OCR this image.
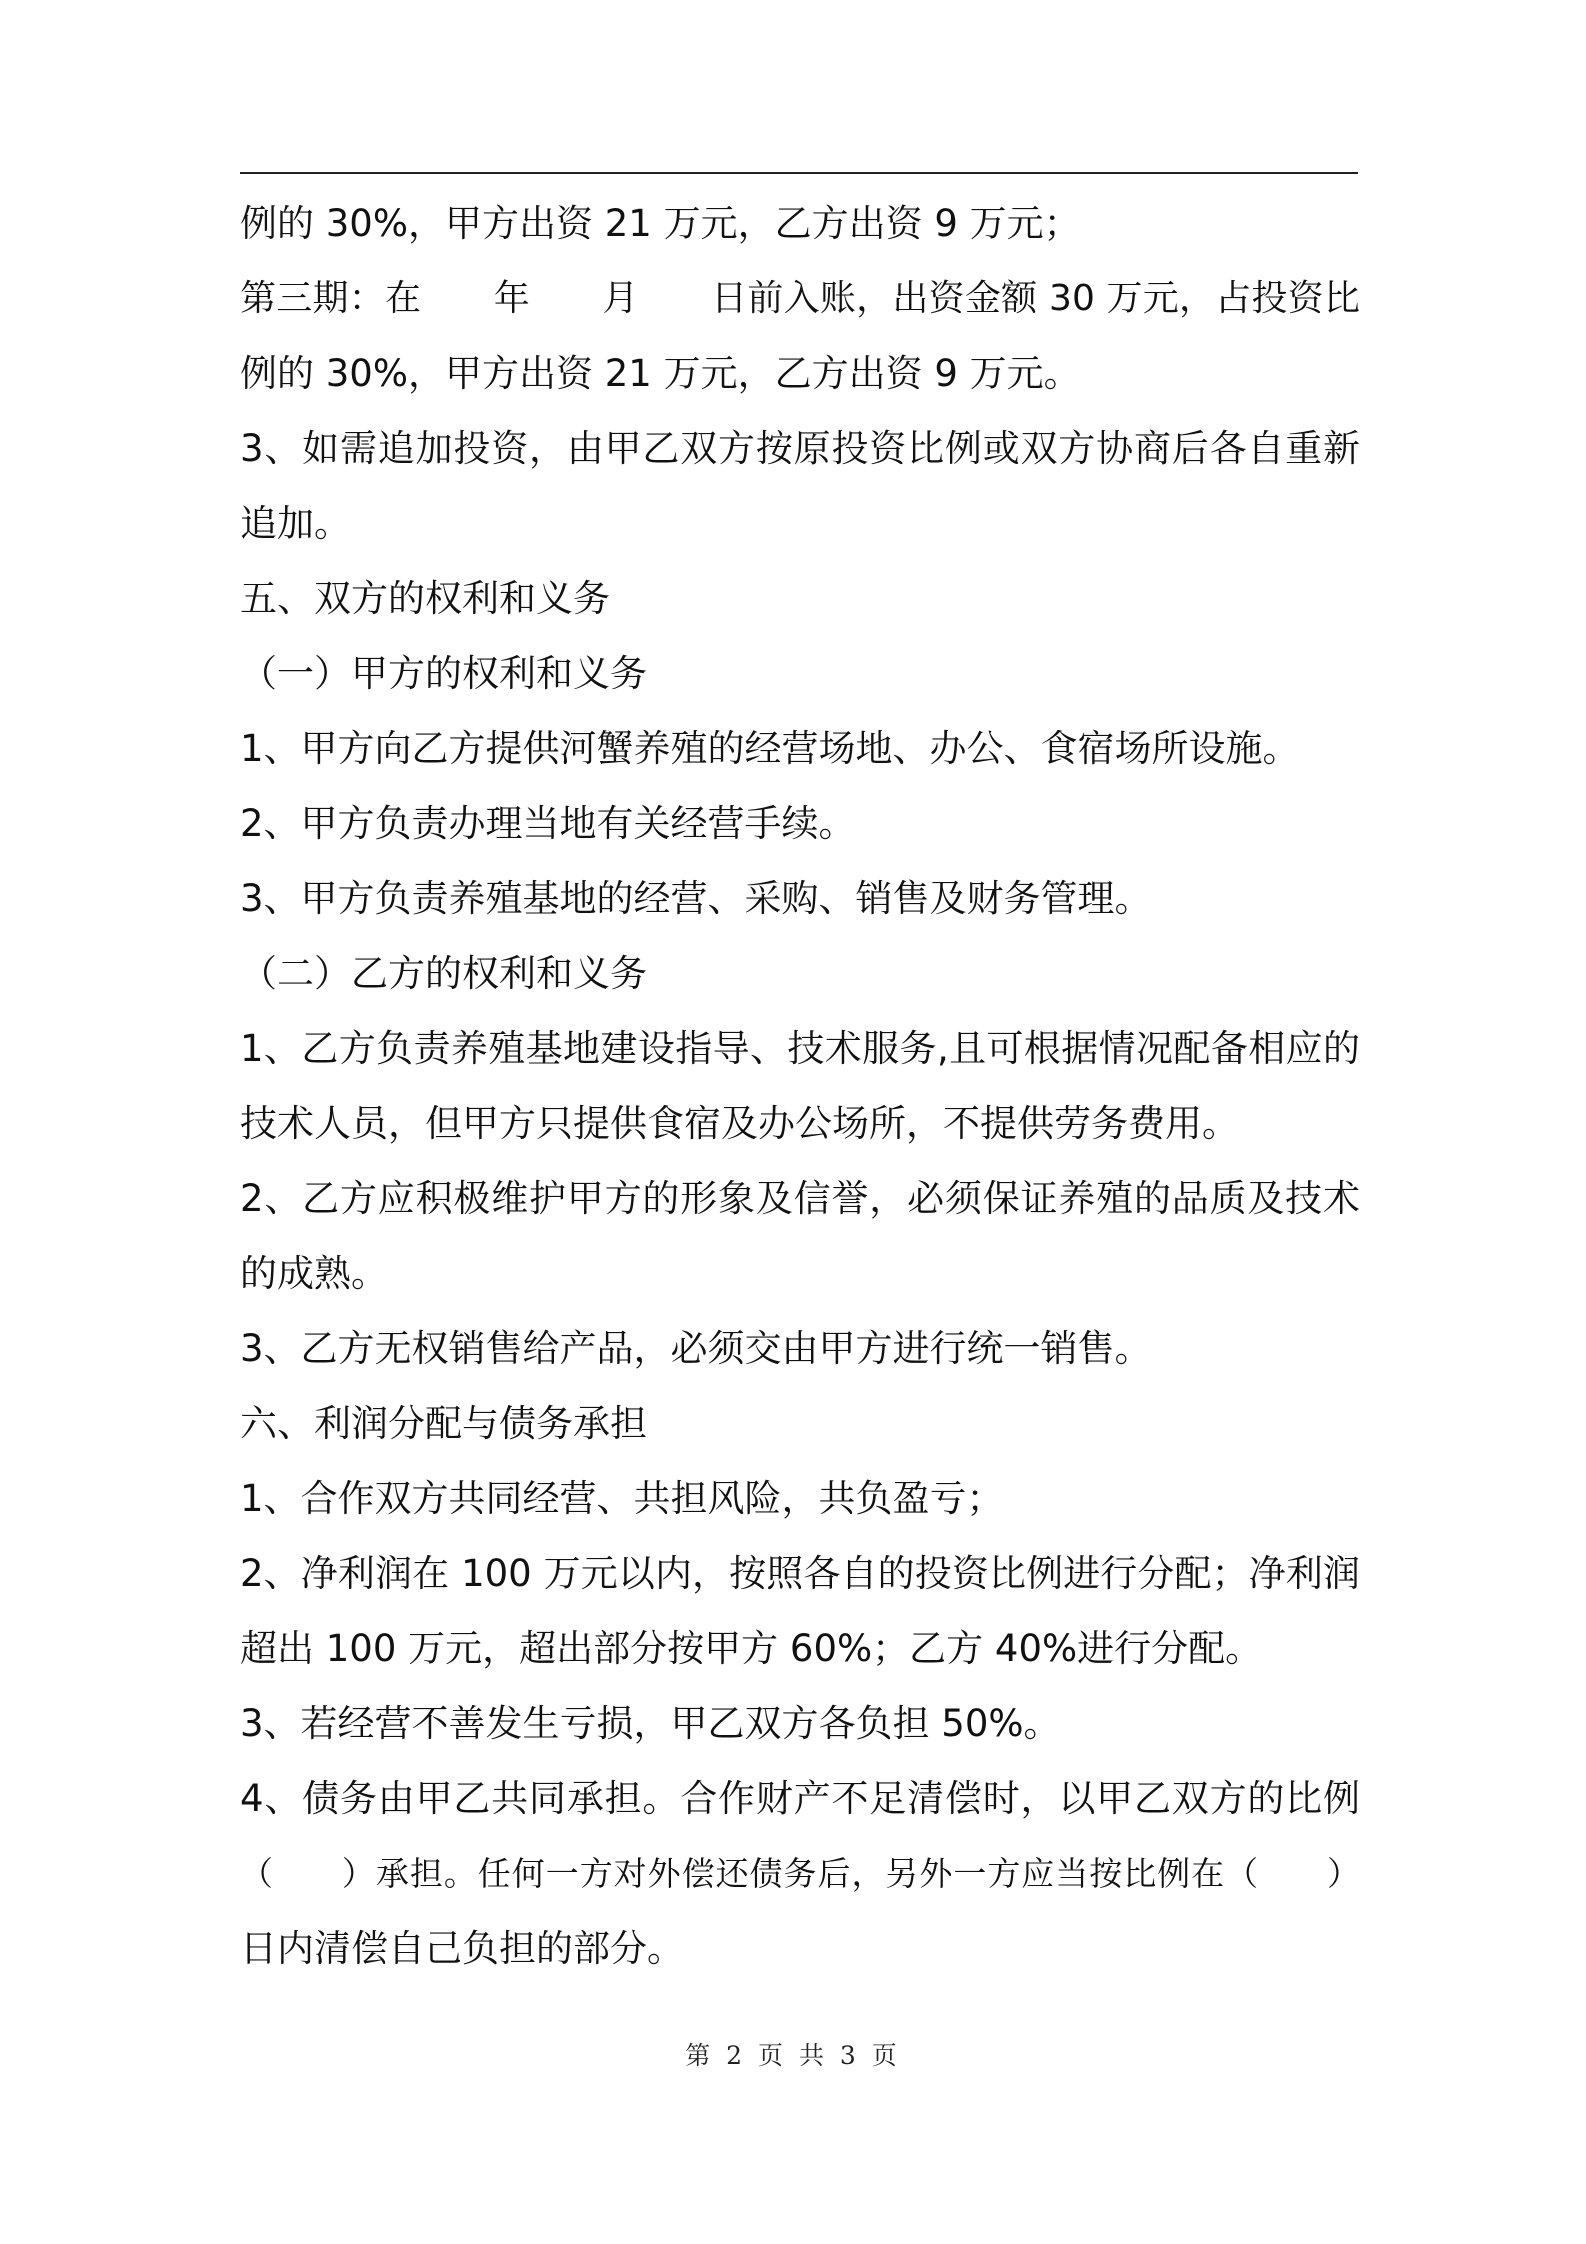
例的 30%，甲方出资 21 万元，乙方出资 9 万元；
第三期：在　　年　　月　　日前入账，出资金额 30 万元，占投资比
例的 30%，甲方出资 21 万元，乙方出资 9 万元。
3、如需追加投资，由甲乙双方按原投资比例或双方协商后各自重新
追加。
五、双方的权利和义务
（一）甲方的权利和义务
1、甲方向乙方提供河蟹养殖的经营场地、办公、食宿场所设施。
2、甲方负责办理当地有关经营手续。
3、甲方负责养殖基地的经营、采购、销售及财务管理。
（二）乙方的权利和义务
1、乙方负责养殖基地建设指导、技术服务,且可根据情况配备相应的
技术人员，但甲方只提供食宿及办公场所，不提供劳务费用。
2、乙方应积极维护甲方的形象及信誉，必须保证养殖的品质及技术
的成熟。
3、乙方无权销售给产品，必须交由甲方进行统一销售。
六、利润分配与债务承担
1、合作双方共同经营、共担风险，共负盈亏；
2、净利润在 100 万元以内，按照各自的投资比例进行分配；净利润
超出 100 万元，超出部分按甲方 60%；乙方 40%进行分配。
3、若经营不善发生亏损，甲乙双方各负担 50%。
4、债务由甲乙共同承担。合作财产不足清偿时，以甲乙双方的比例
（　　）承担。任何一方对外偿还债务后，另外一方应当按比例在（　　）
日内清偿自己负担的部分。
第 2 页 共 3 页
